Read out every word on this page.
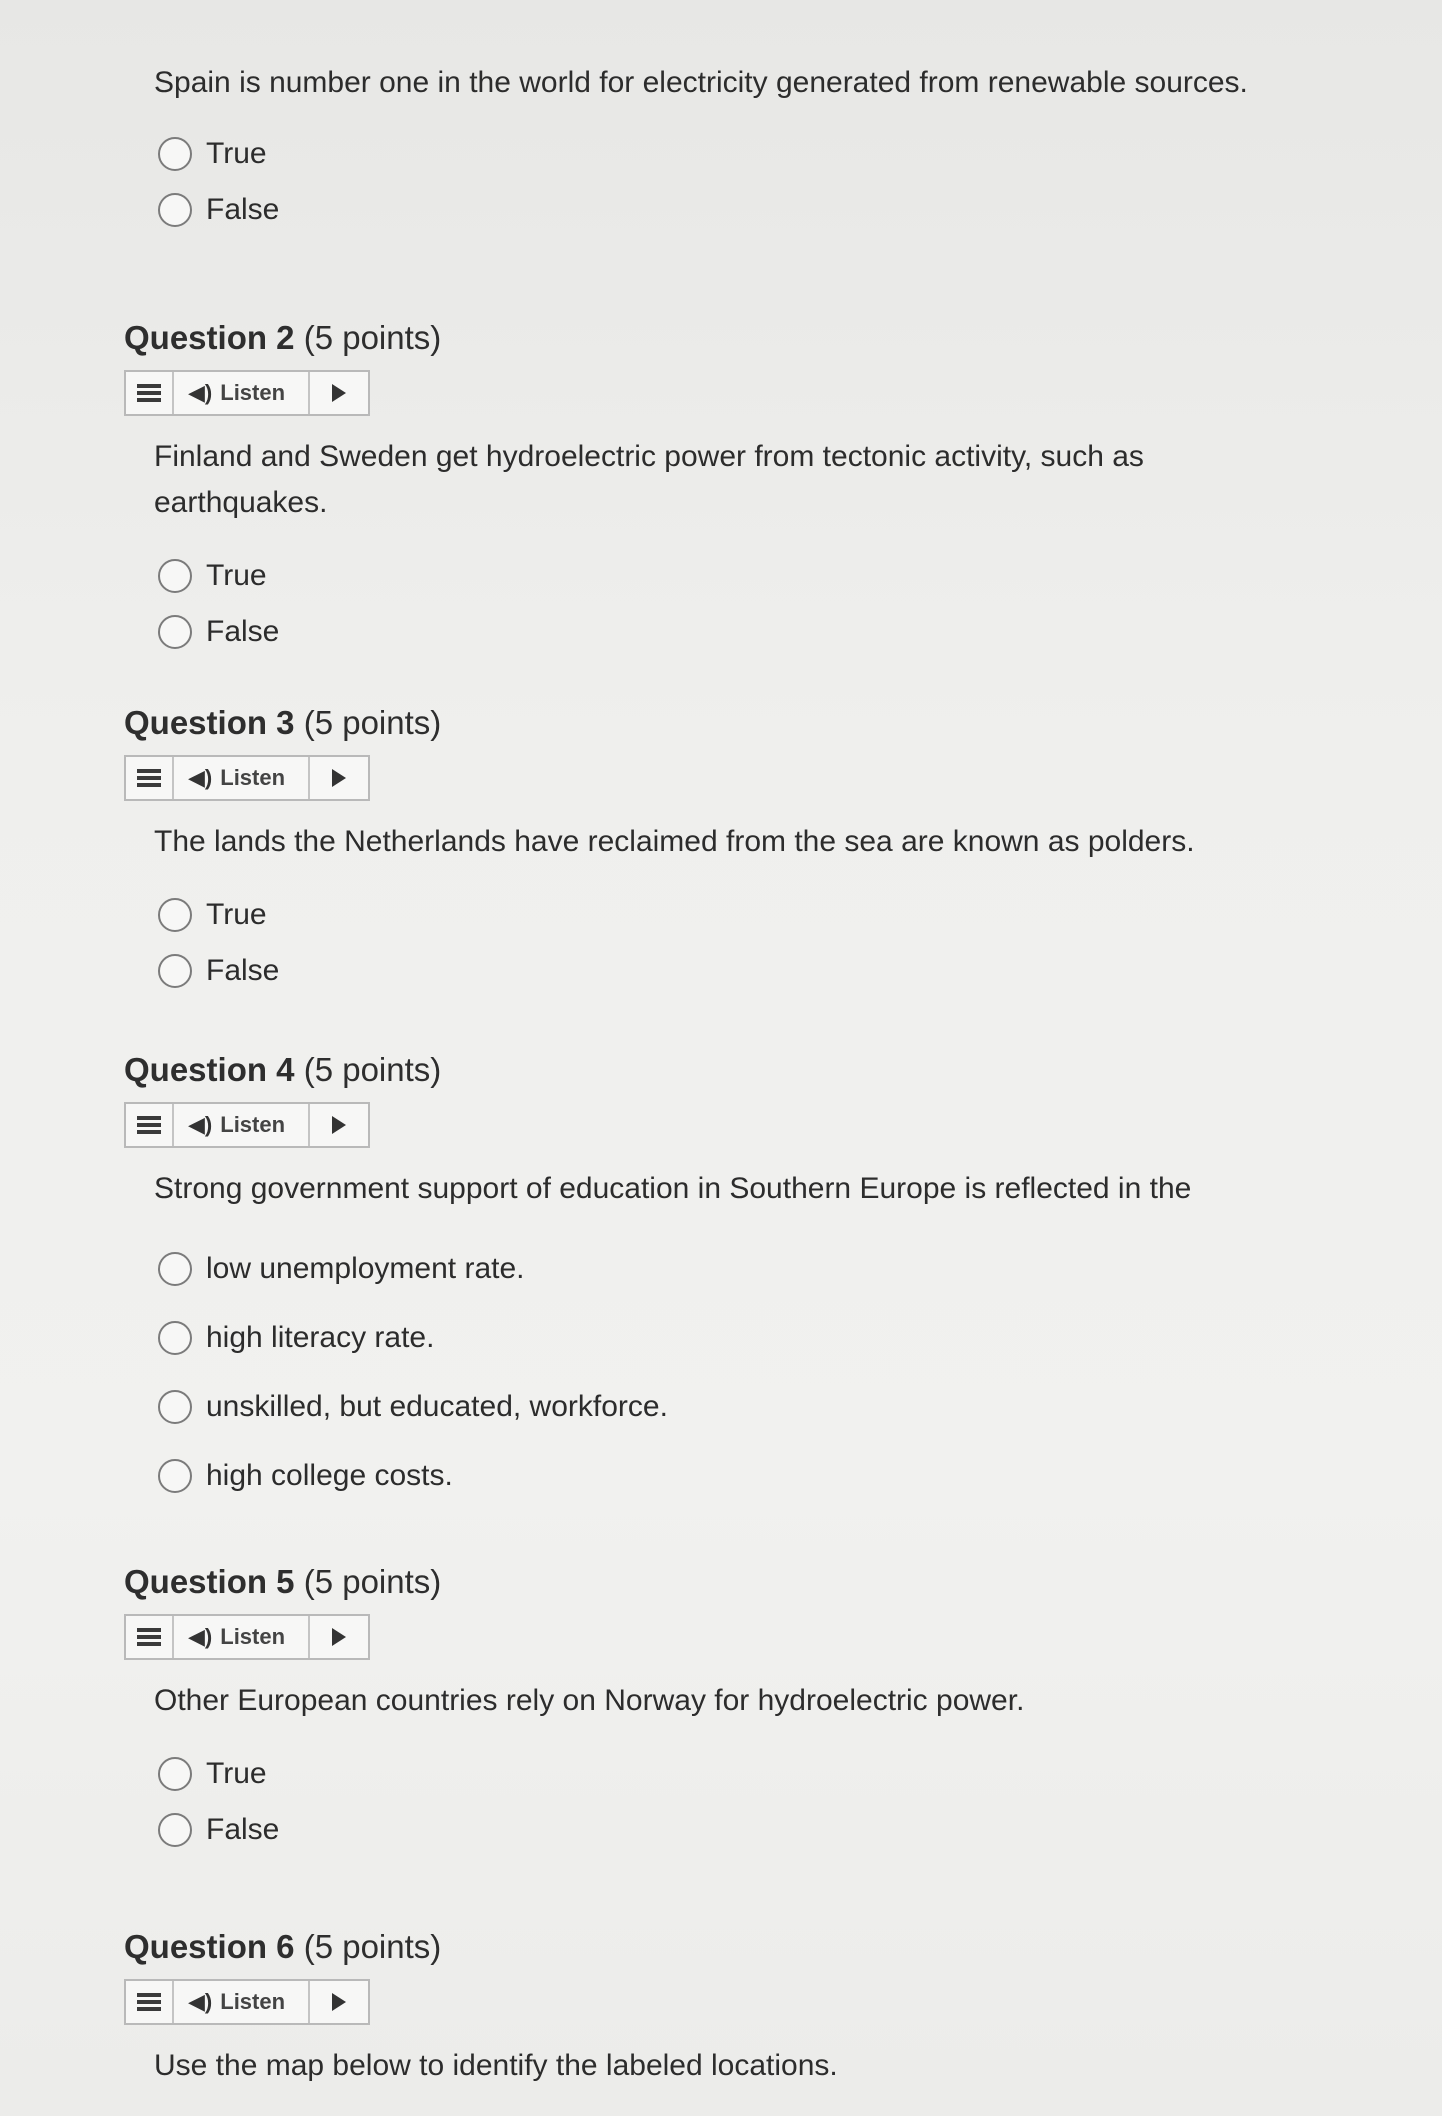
Spain is number one in the world for electricity generated from renewable sources.
True
False
Question 2 (5 points)
◀) Listen
Finland and Sweden get hydroelectric power from tectonic activity, such as earthquakes.
True
False
Question 3 (5 points)
◀) Listen
The lands the Netherlands have reclaimed from the sea are known as polders.
True
False
Question 4 (5 points)
◀) Listen
Strong government support of education in Southern Europe is reflected in the
low unemployment rate.
high literacy rate.
unskilled, but educated, workforce.
high college costs.
Question 5 (5 points)
◀) Listen
Other European countries rely on Norway for hydroelectric power.
True
False
Question 6 (5 points)
◀) Listen
Use the map below to identify the labeled locations.
